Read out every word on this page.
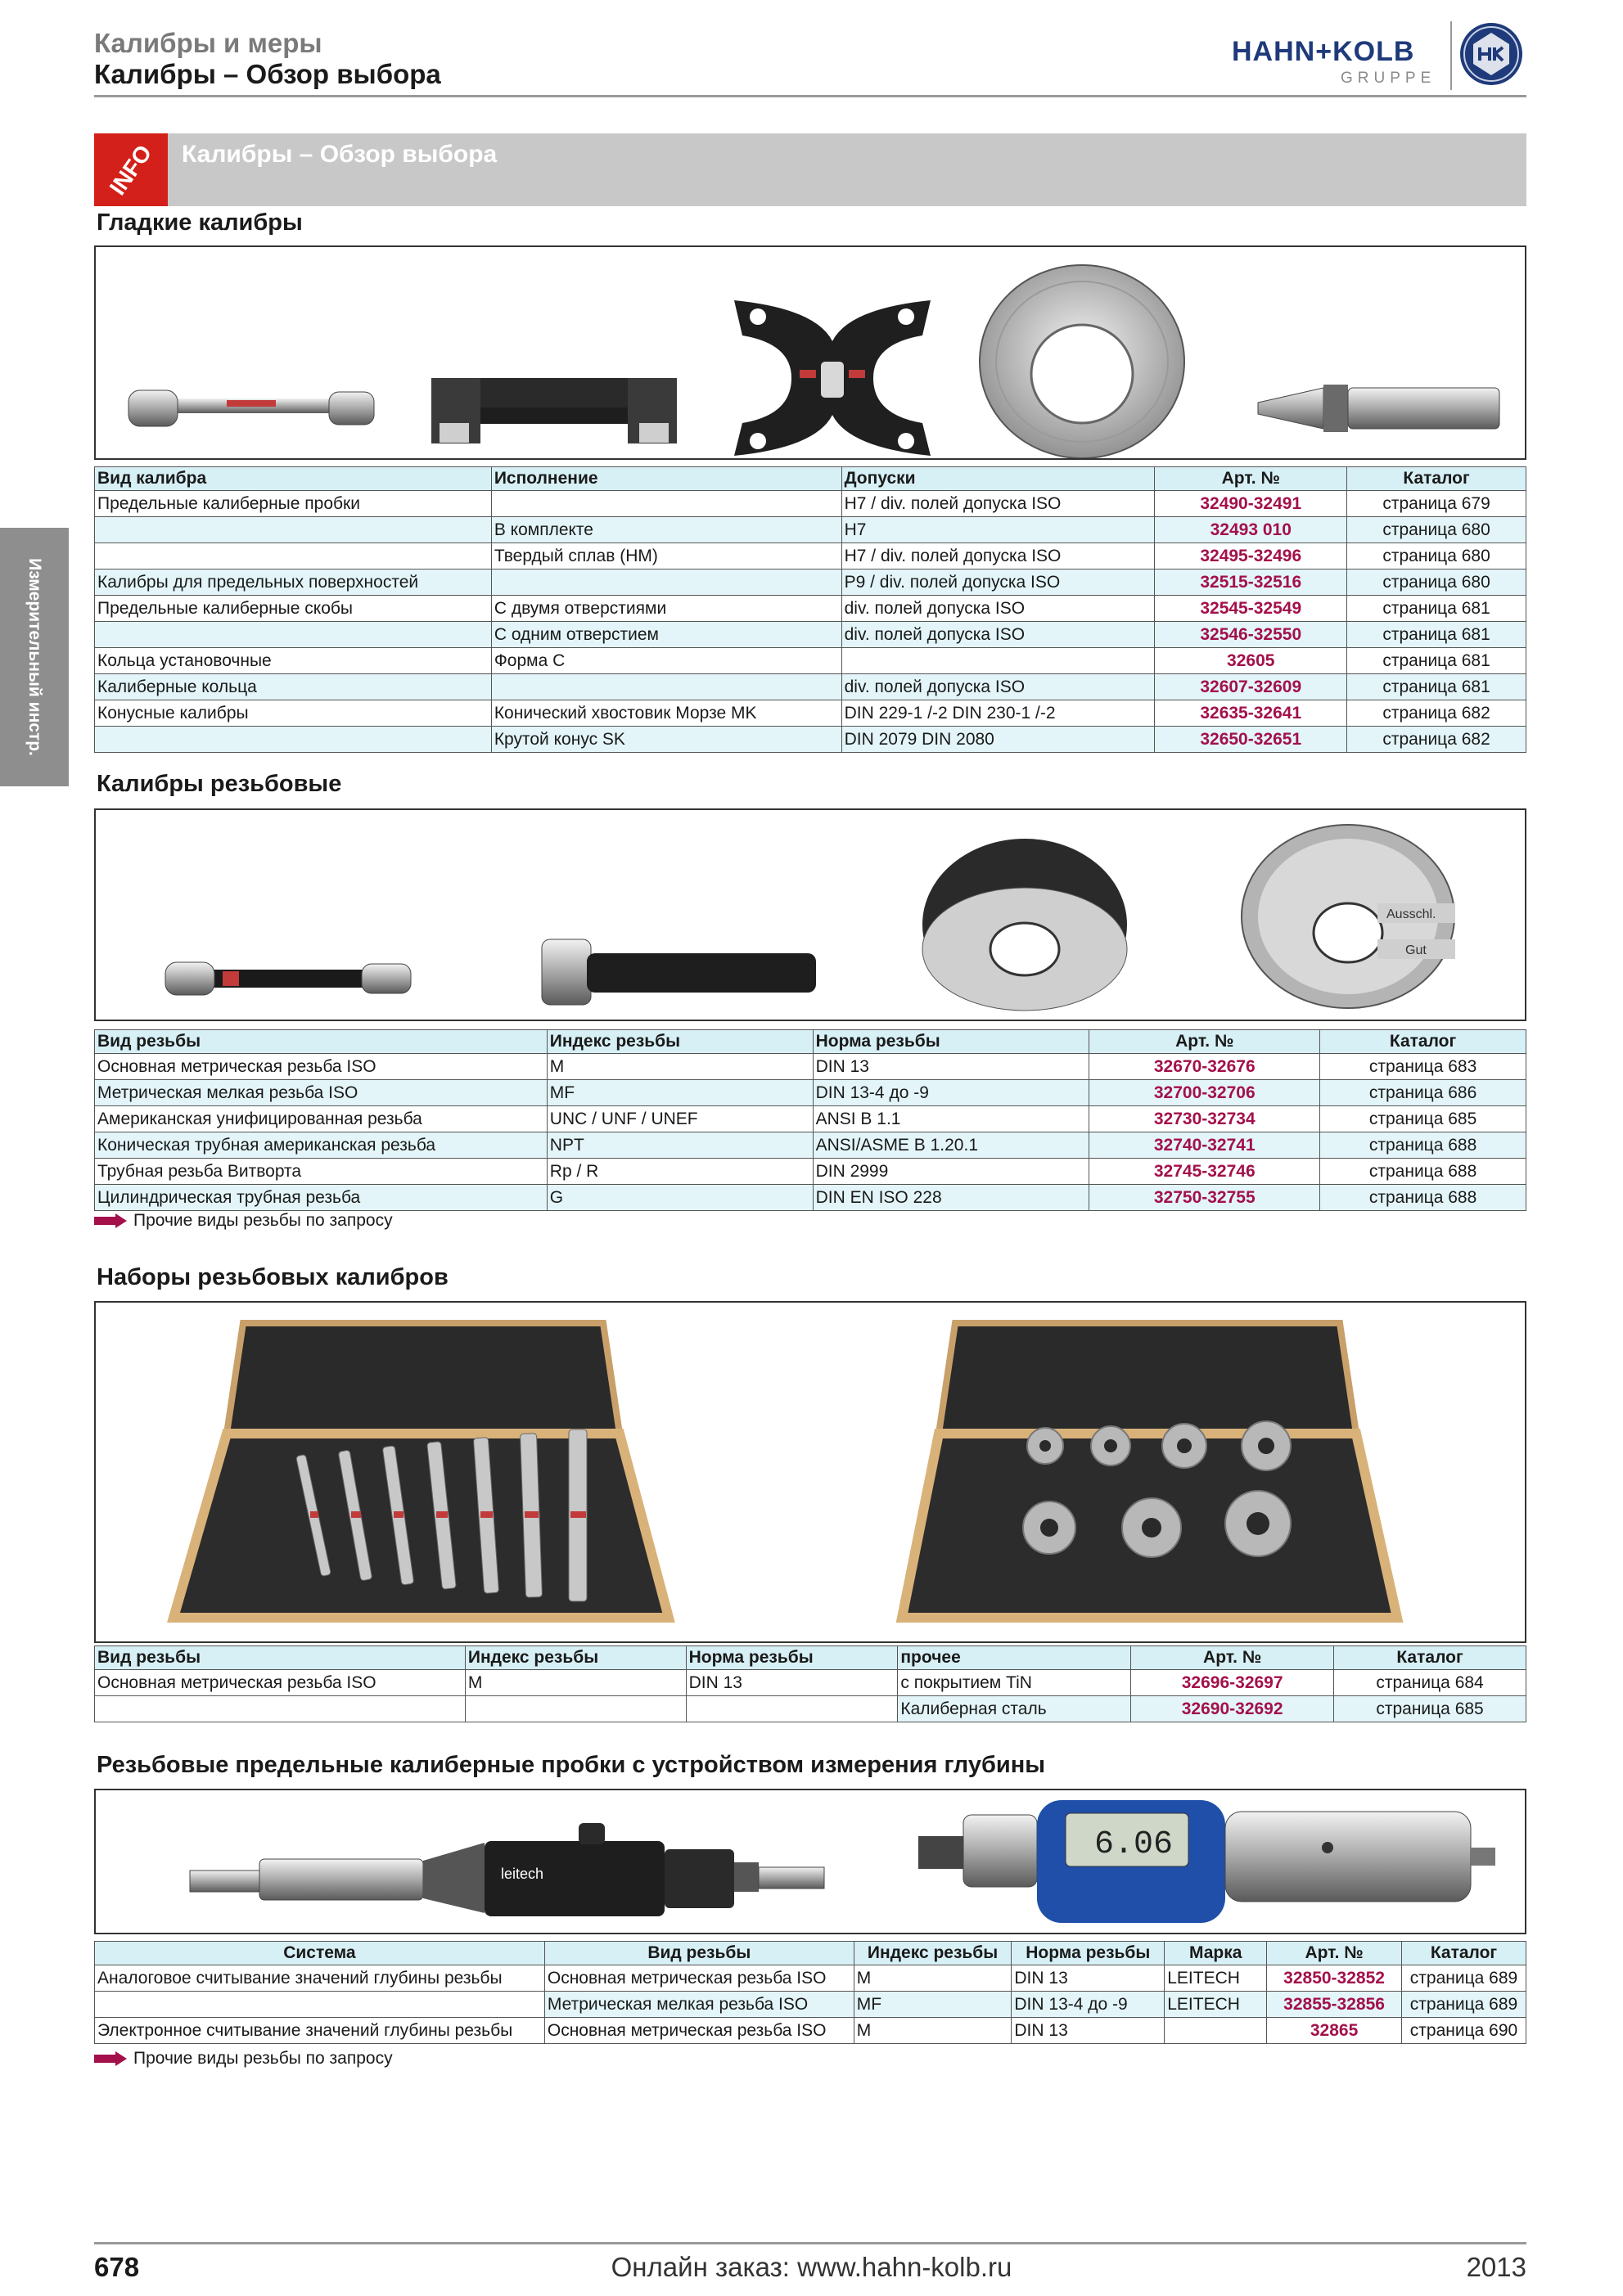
Калибры и меры
Калибры – Обзор выбора
HAHN+KOLB
GRUPPE
Измерительный инстр.
INFO Калибры – Обзор выбора
Гладкие калибры
Вид калибра	Исполнение	Допуски	Арт. №	Каталог
Предельные калиберные пробки		H7 / div. полей допуска ISO	32490-32491	страница 679
	В комплекте	H7	32493 010	страница 680
	Твердый сплав (HM)	H7 / div. полей допуска ISO	32495-32496	страница 680
Калибры для предельных поверхностей		P9 / div. полей допуска ISO	32515-32516	страница 680
Предельные калиберные скобы	С двумя отверстиями	div. полей допуска ISO	32545-32549	страница 681
	С одним отверстием	div. полей допуска ISO	32546-32550	страница 681
Кольца установочные	Форма C		32605	страница 681
Калиберные кольца		div. полей допуска ISO	32607-32609	страница 681
Конусные калибры	Конический хвостовик Морзе MK	DIN 229-1 /-2 DIN 230-1 /-2	32635-32641	страница 682
	Крутой конус SK	DIN 2079 DIN 2080	32650-32651	страница 682
Калибры резьбовые
Ausschl.
Gut
Вид резьбы	Индекс резьбы	Норма резьбы	Арт. №	Каталог
Основная метрическая резьба ISO	M	DIN 13	32670-32676	страница 683
Метрическая мелкая резьба ISO	MF	DIN 13-4 до -9	32700-32706	страница 686
Американская унифицированная резьба	UNC / UNF / UNEF	ANSI B 1.1	32730-32734	страница 685
Коническая трубная американская резьба	NPT	ANSI/ASME B 1.20.1	32740-32741	страница 688
Трубная резьба Витворта	Rp / R	DIN 2999	32745-32746	страница 688
Цилиндрическая трубная резьба	G	DIN EN ISO 228	32750-32755	страница 688
Прочие виды резьбы по запросу
Наборы резьбовых калибров
Вид резьбы	Индекс резьбы	Норма резьбы	прочее	Арт. №	Каталог
Основная метрическая резьба ISO	M	DIN 13	с покрытием TiN	32696-32697	страница 684
			Калиберная сталь	32690-32692	страница 685
Резьбовые предельные калиберные пробки с устройством измерения глубины
leitech
6.06
Система	Вид резьбы	Индекс резьбы	Норма резьбы	Марка	Арт. №	Каталог
Аналоговое считывание значений глубины резьбы	Основная метрическая резьба ISO	M	DIN 13	LEITECH	32850-32852	страница 689
	Метрическая мелкая резьба ISO	MF	DIN 13-4 до -9	LEITECH	32855-32856	страница 689
Электронное считывание значений глубины резьбы	Основная метрическая резьба ISO	M	DIN 13		32865	страница 690
Прочие виды резьбы по запросу
Онлайн заказ: www.hahn-kolb.ru
678	2013
